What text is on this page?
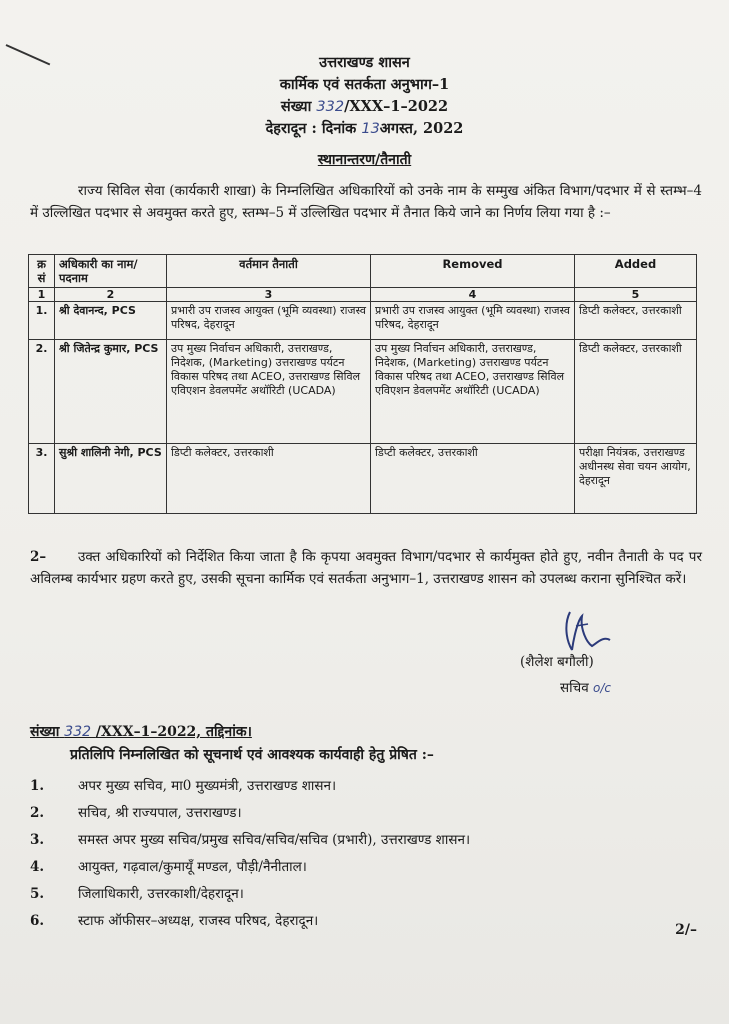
उत्तराखण्ड शासन
कार्मिक एवं सतर्कता अनुभाग–1
संख्या 332/XXX–1–2022
देहरादून : दिनांक 13अगस्त, 2022
स्थानान्तरण/तैनाती
राज्य सिविल सेवा (कार्यकारी शाखा) के निम्नलिखित अधिकारियों को उनके नाम के सम्मुख अंकित विभाग/पदभार में से स्तम्भ–4 में उल्लिखित पदभार से अवमुक्त करते हुए, स्तम्भ–5 में उल्लिखित पदभार में तैनात किये जाने का निर्णय लिया गया है :–
क्र सं	अधिकारी का नाम/पदनाम	वर्तमान तैनाती	Removed	Added
1	2	3	4	5
1.	श्री देवानन्द, PCS	प्रभारी उप राजस्व आयुक्त (भूमि व्यवस्था) राजस्व परिषद, देहरादून	प्रभारी उप राजस्व आयुक्त (भूमि व्यवस्था) राजस्व परिषद, देहरादून	डिप्टी कलेक्टर, उत्तरकाशी
2.	श्री जितेन्द्र कुमार, PCS	उप मुख्य निर्वाचन अधिकारी, उत्तराखण्ड, निदेशक, (Marketing) उत्तराखण्ड पर्यटन विकास परिषद तथा ACEO, उत्तराखण्ड सिविल एविएशन डेवलपमेंट अथॉरिटी (UCADA)	उप मुख्य निर्वाचन अधिकारी, उत्तराखण्ड, निदेशक, (Marketing) उत्तराखण्ड पर्यटन विकास परिषद तथा ACEO, उत्तराखण्ड सिविल एविएशन डेवलपमेंट अथॉरिटी (UCADA)	डिप्टी कलेक्टर, उत्तरकाशी
3.	सुश्री शालिनी नेगी, PCS	डिप्टी कलेक्टर, उत्तरकाशी	डिप्टी कलेक्टर, उत्तरकाशी	परीक्षा नियंत्रक, उत्तराखण्ड अधीनस्थ सेवा चयन आयोग, देहरादून
2– उक्त अधिकारियों को निर्देशित किया जाता है कि कृपया अवमुक्त विभाग/पदभार से कार्यमुक्त होते हुए, नवीन तैनाती के पद पर अविलम्ब कार्यभार ग्रहण करते हुए, उसकी सूचना कार्मिक एवं सतर्कता अनुभाग–1, उत्तराखण्ड शासन को उपलब्ध कराना सुनिश्चित करें।
(शैलेश बगौली)
सचिव o/c
संख्या 332 /XXX–1–2022, तद्दिनांक।
प्रतिलिपि निम्नलिखित को सूचनार्थ एवं आवश्यक कार्यवाही हेतु प्रेषित :–
1.	अपर मुख्य सचिव, मा0 मुख्यमंत्री, उत्तराखण्ड शासन।
2.	सचिव, श्री राज्यपाल, उत्तराखण्ड।
3.	समस्त अपर मुख्य सचिव/प्रमुख सचिव/सचिव/सचिव (प्रभारी), उत्तराखण्ड शासन।
4.	आयुक्त, गढ़वाल/कुमायूँ मण्डल, पौड़ी/नैनीताल।
5.	जिलाधिकारी, उत्तरकाशी/देहरादून।
6.	स्टाफ ऑफीसर–अध्यक्ष, राजस्व परिषद, देहरादून।
2/–
